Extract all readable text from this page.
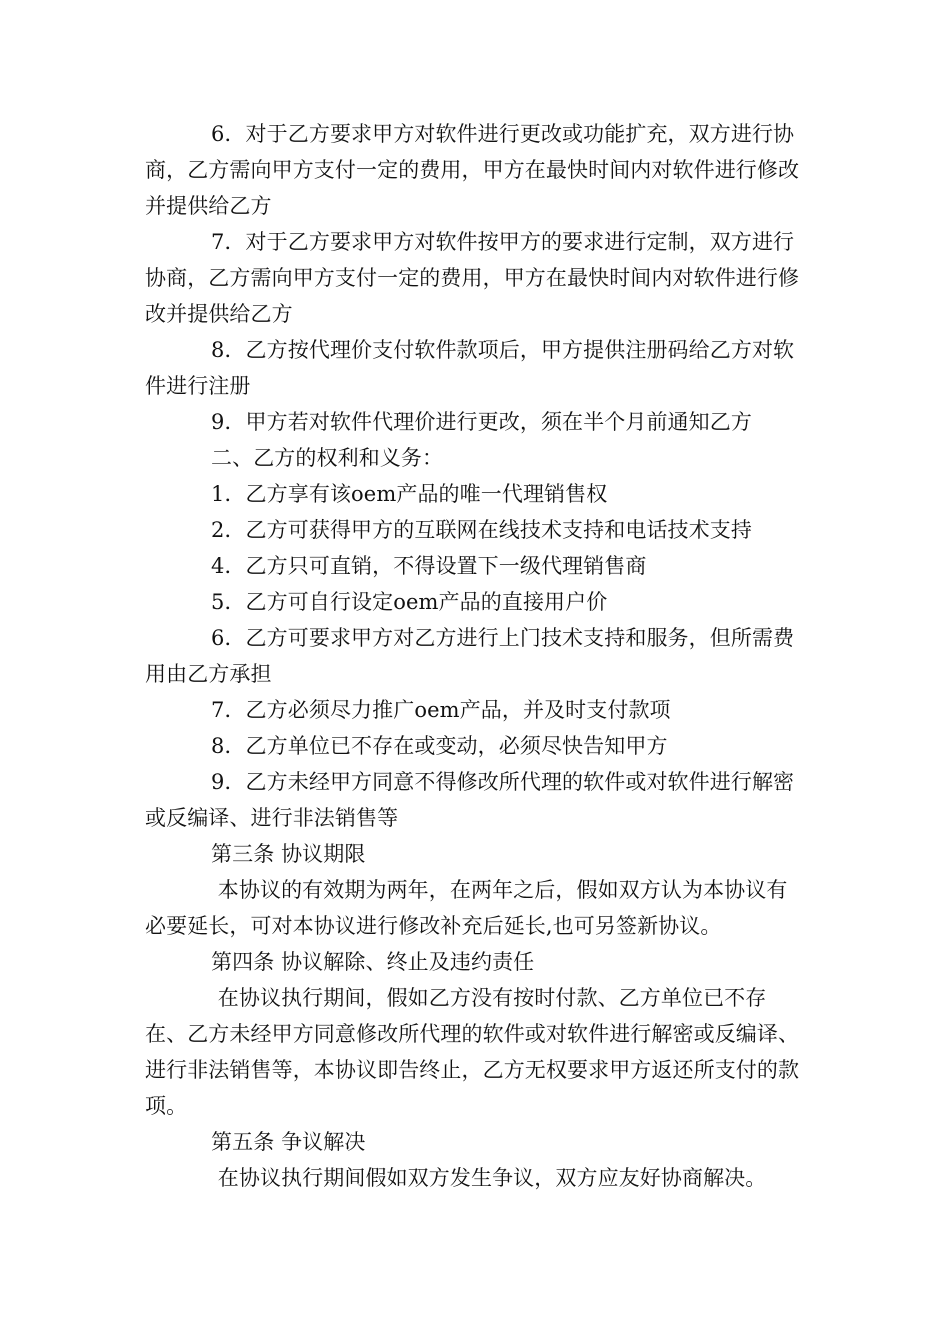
6．对于乙方要求甲方对软件进行更改或功能扩充，双方进行协商，乙方需向甲方支付一定的费用，甲方在最快时间内对软件进行修改并提供给乙方

7．对于乙方要求甲方对软件按甲方的要求进行定制，双方进行协商，乙方需向甲方支付一定的费用，甲方在最快时间内对软件进行修改并提供给乙方

8．乙方按代理价支付软件款项后，甲方提供注册码给乙方对软件进行注册

9．甲方若对软件代理价进行更改，须在半个月前通知乙方

二、乙方的权利和义务：

1．乙方享有该oem产品的唯一代理销售权

2．乙方可获得甲方的互联网在线技术支持和电话技术支持

4．乙方只可直销，不得设置下一级代理销售商

5．乙方可自行设定oem产品的直接用户价

6．乙方可要求甲方对乙方进行上门技术支持和服务，但所需费用由乙方承担

7．乙方必须尽力推广oem产品，并及时支付款项

8．乙方单位已不存在或变动，必须尽快告知甲方

9．乙方未经甲方同意不得修改所代理的软件或对软件进行解密或反编译、进行非法销售等

第三条 协议期限

本协议的有效期为两年，在两年之后，假如双方认为本协议有必要延长，可对本协议进行修改补充后延长,也可另签新协议。

第四条 协议解除、终止及违约责任

在协议执行期间，假如乙方没有按时付款、乙方单位已不存在、乙方未经甲方同意修改所代理的软件或对软件进行解密或反编译、进行非法销售等，本协议即告终止，乙方无权要求甲方返还所支付的款项。

第五条 争议解决

在协议执行期间假如双方发生争议，双方应友好协商解决。
